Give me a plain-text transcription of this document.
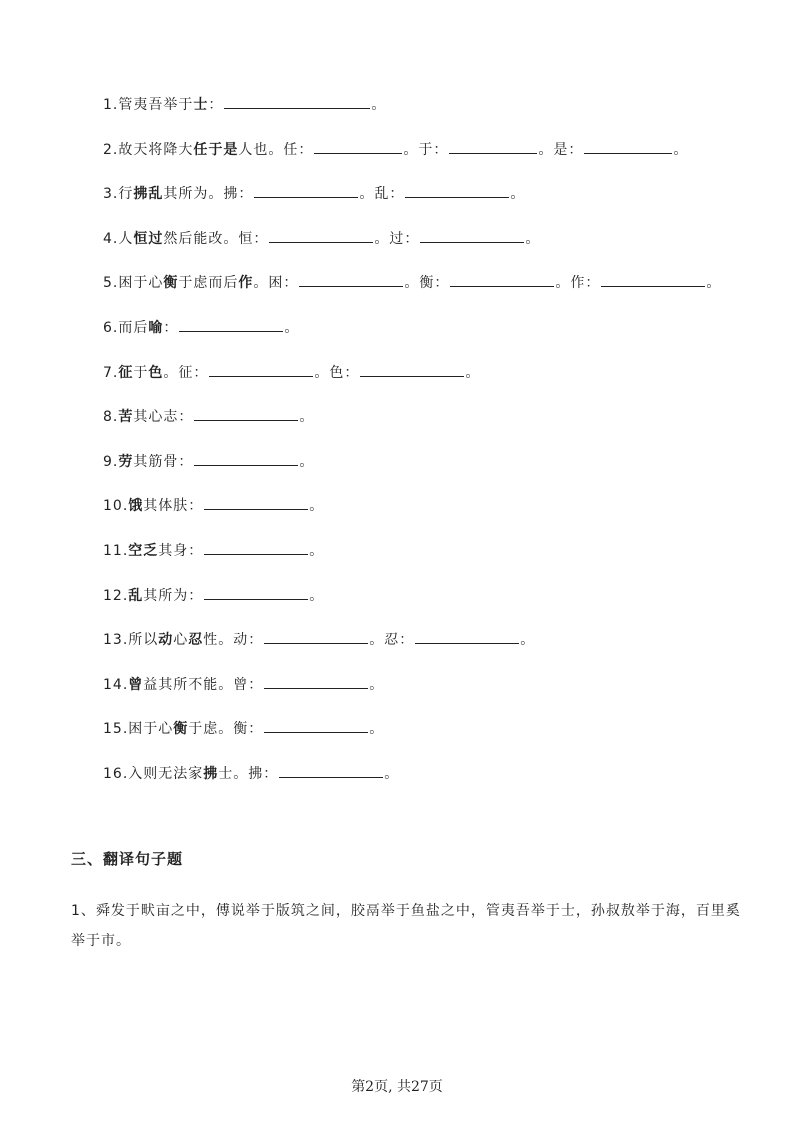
1.管夷吾举于士：	。
2.故天将降大任于是人也。任：	。于：	。是：	。
3.行拂乱其所为。拂：	。乱：	。
4.人恒过然后能改。恒：	。过：	。
5.困于心衡于虑而后作。困：	。衡：	。作：	。
6.而后喻：	。
7.征于色。征：	。色：	。
8.苦其心志：	。
9.劳其筋骨：	。
10.饿其体肤：	。
11.空乏其身：	。
12.乱其所为：	。
13.所以动心忍性。动：	。忍：	。
14.曾益其所不能。曾：	。
15.困于心衡于虑。衡：	。
16.入则无法家拂士。拂：	。
三、翻译句子题
1、舜发于畎亩之中，傅说举于版筑之间，胶鬲举于鱼盐之中，管夷吾举于士，孙叔敖举于海，百里奚举于市。
第2页, 共27页
